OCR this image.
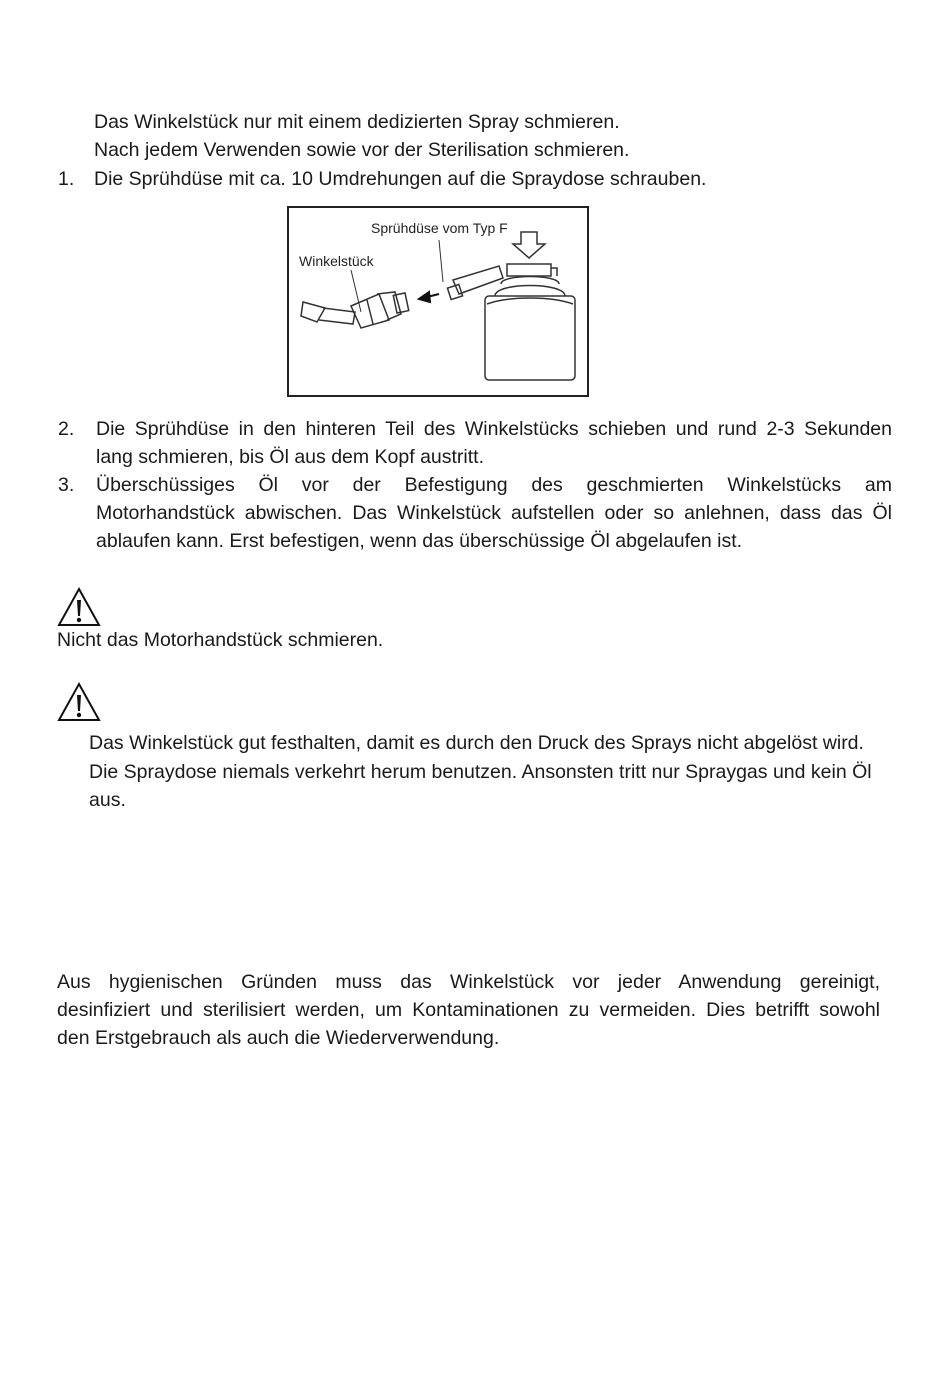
Das Winkelstück nur mit einem dedizierten Spray schmieren.
Nach jedem Verwenden sowie vor der Sterilisation schmieren.
1. Die Sprühdüse mit ca. 10 Umdrehungen auf die Spraydose schrauben.
Sprühdüse vom Typ F
Winkelstück
2. Die Sprühdüse in den hinteren Teil des Winkelstücks schieben und rund 2-3 Sekunden
lang schmieren, bis Öl aus dem Kopf austritt.
3. Überschüssiges Öl vor der Befestigung des geschmierten Winkelstücks am
Motorhandstück abwischen. Das Winkelstück aufstellen oder so anlehnen, dass das Öl
ablaufen kann. Erst befestigen, wenn das überschüssige Öl abgelaufen ist.
Nicht das Motorhandstück schmieren.
Das Winkelstück gut festhalten, damit es durch den Druck des Sprays nicht abgelöst wird.
Die Spraydose niemals verkehrt herum benutzen. Ansonsten tritt nur Spraygas und kein Öl
aus.
Aus hygienischen Gründen muss das Winkelstück vor jeder Anwendung gereinigt,
desinfiziert und sterilisiert werden, um Kontaminationen zu vermeiden. Dies betrifft sowohl
den Erstgebrauch als auch die Wiederverwendung.
